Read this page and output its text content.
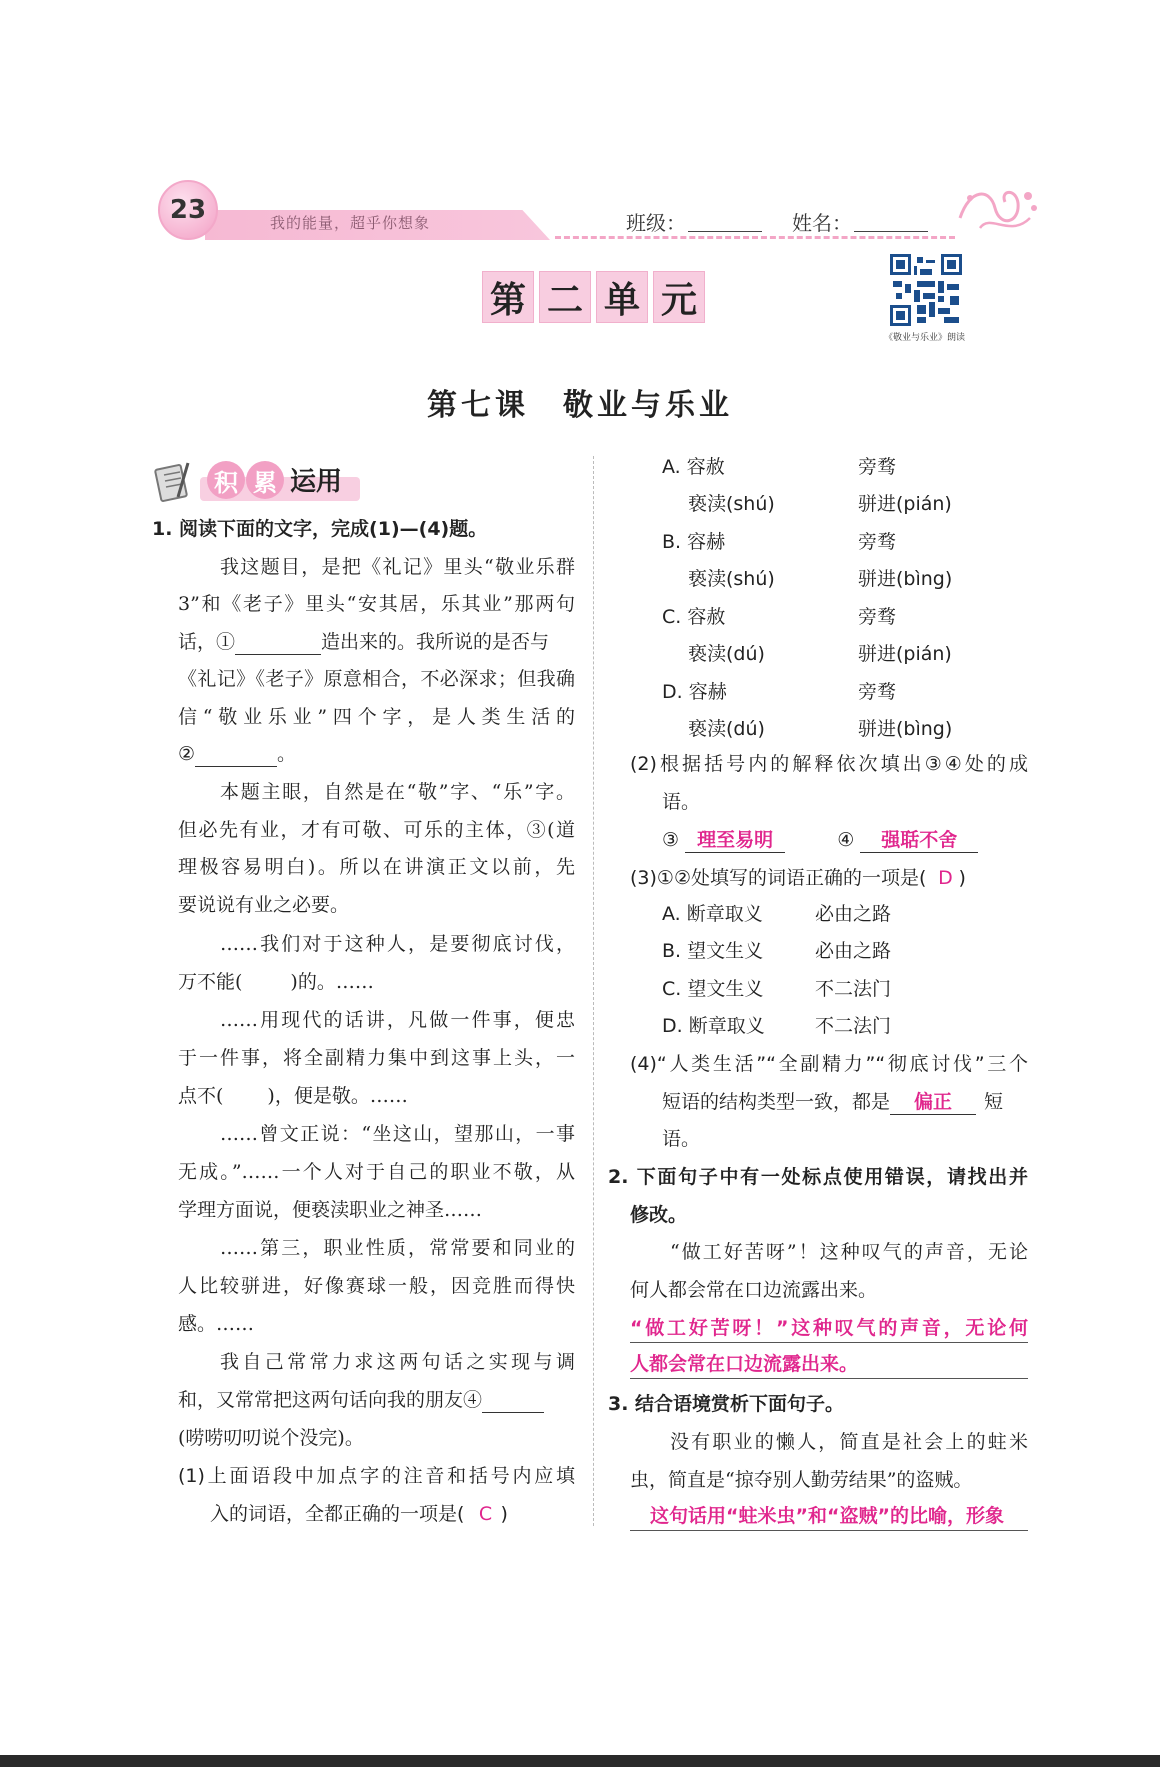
我的能量，超乎你想象
23	班级：	姓名：
第 二 单 元
《敬业与乐业》朗读
第七课　敬业与乐业
积 累 运用
1. 阅读下面的文字，完成(1)—(4)题。
我这题目，是把《礼记》里头“敬业乐群
3”和《老子》里头“安其居，乐其业”那两句
话，①	造出来的。我所说的是否与
《礼记》《老子》原意相合，不必深求；但我确
信“敬业乐业”四个字，是人类生活的
②	。
本题主眼，自然是在“敬”字、“乐”字。
但必先有业，才有可敬、可乐的主体，③(道
理极容易明白)。所以在讲演正文以前，先
要说说有业之必要。
……我们对于这种人，是要彻底讨伐，
万不能(	)的。……
……用现代的话讲，凡做一件事，便忠
于一件事，将全副精力集中到这事上头，一
点不( )，便是敬。……
……曾文正说：“坐这山，望那山，一事
无成。”……一个人对于自己的职业不敬，从
学理方面说，便亵渎职业之神圣……
……第三，职业性质，常常要和同业的
人比较骈进，好像赛球一般，因竞胜而得快
感。……
我自己常常力求这两句话之实现与调
和，又常常把这两句话向我的朋友④
(唠唠叨叨说个没完)。
(1)上面语段中加点字的注音和括号内应填
入的词语，全都正确的一项是( C )
A. 容赦	旁骛
亵渎(shú)	骈进(pián)
B. 容赫	旁骛
亵渎(shú)	骈进(bìng)
C. 容赦	旁骛
亵渎(dú)	骈进(pián)
D. 容赫	旁骛
亵渎(dú)	骈进(bìng)
(2)根据括号内的解释依次填出③④处的成
语。
③ 理至易明	④ 强聒不舍
(3)①②处填写的词语正确的一项是( D )
A. 断章取义	必由之路
B. 望文生义	必由之路
C. 望文生义	不二法门
D. 断章取义	不二法门
(4)“人类生活”“全副精力”“彻底讨伐”三个
短语的结构类型一致，都是 偏正 短
语。
2. 下面句子中有一处标点使用错误，请找出并
修改。
“做工好苦呀”！这种叹气的声音，无论
何人都会常在口边流露出来。
“做工好苦呀！”这种叹气的声音，无论何
人都会常在口边流露出来。
3. 结合语境赏析下面句子。
没有职业的懒人，简直是社会上的蛀米
虫，简直是“掠夺别人勤劳结果”的盗贼。
这句话用“蛀米虫”和“盗贼”的比喻，形象
